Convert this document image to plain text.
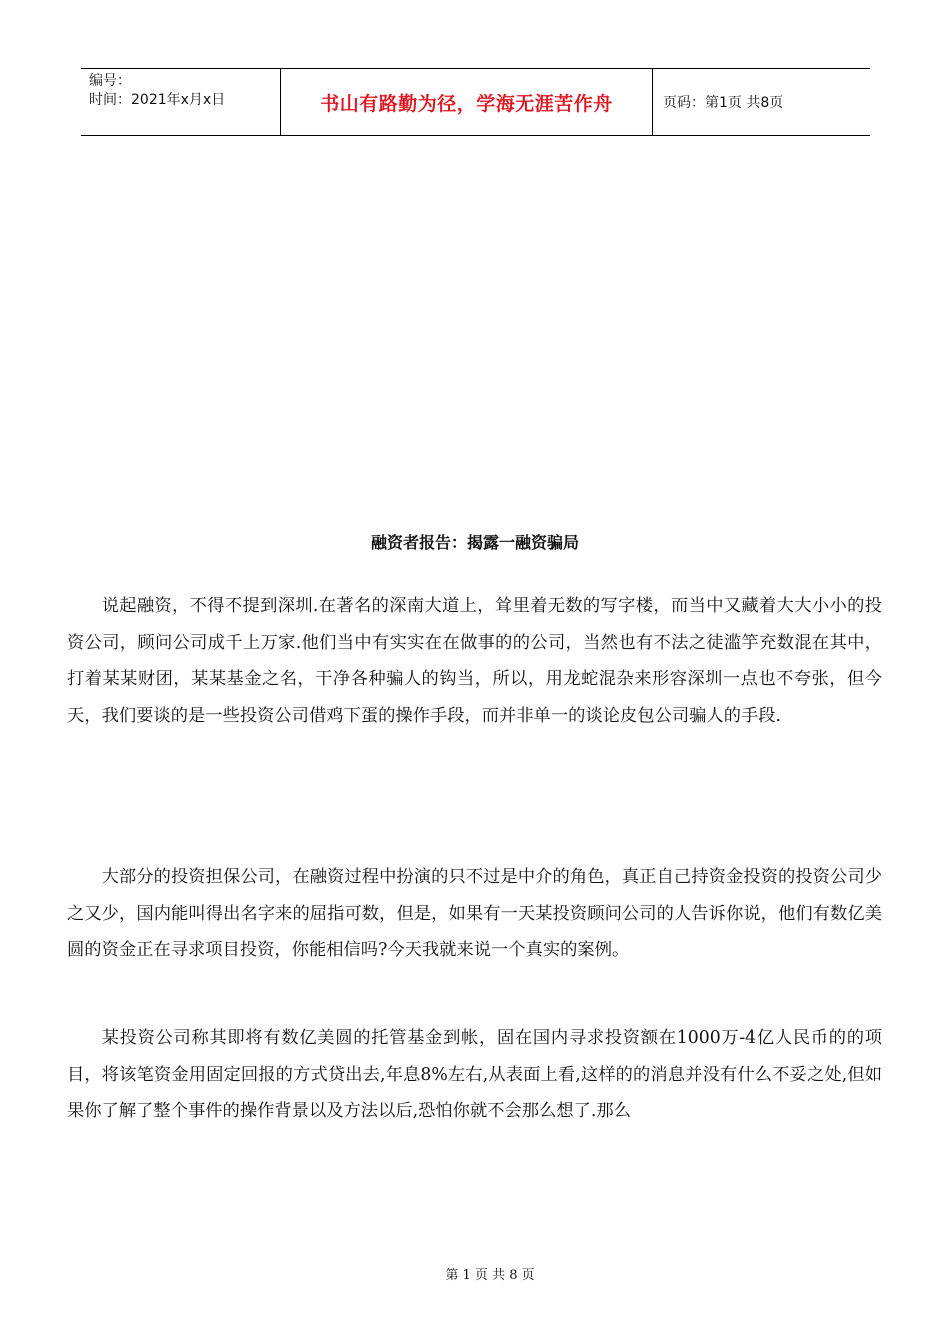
编号：
时间：2021年x月x日	书山有路勤为径，学海无涯苦作舟	页码：第1页 共8页
融资者报告：揭露一融资骗局

说起融资，不得不提到深圳.在著名的深南大道上，耸里着无数的写字楼，而当中又藏着大大小小的投资公司，顾问公司成千上万家.他们当中有实实在在做事的的公司，当然也有不法之徒滥竽充数混在其中，打着某某财团，某某基金之名，干净各种骗人的钩当，所以，用龙蛇混杂来形容深圳一点也不夸张，但今天，我们要谈的是一些投资公司借鸡下蛋的操作手段，而并非单一的谈论皮包公司骗人的手段.

大部分的投资担保公司，在融资过程中扮演的只不过是中介的角色，真正自己持资金投资的投资公司少之又少，国内能叫得出名字来的屈指可数，但是，如果有一天某投资顾问公司的人告诉你说，他们有数亿美圆的资金正在寻求项目投资，你能相信吗?今天我就来说一个真实的案例。

某投资公司称其即将有数亿美圆的托管基金到帐，固在国内寻求投资额在1000万-4亿人民币的的项目，将该笔资金用固定回报的方式贷出去,年息8%左右,从表面上看,这样的的消息并没有什么不妥之处,但如果你了解了整个事件的操作背景以及方法以后,恐怕你就不会那么想了.那么

第 1 页 共 8 页
